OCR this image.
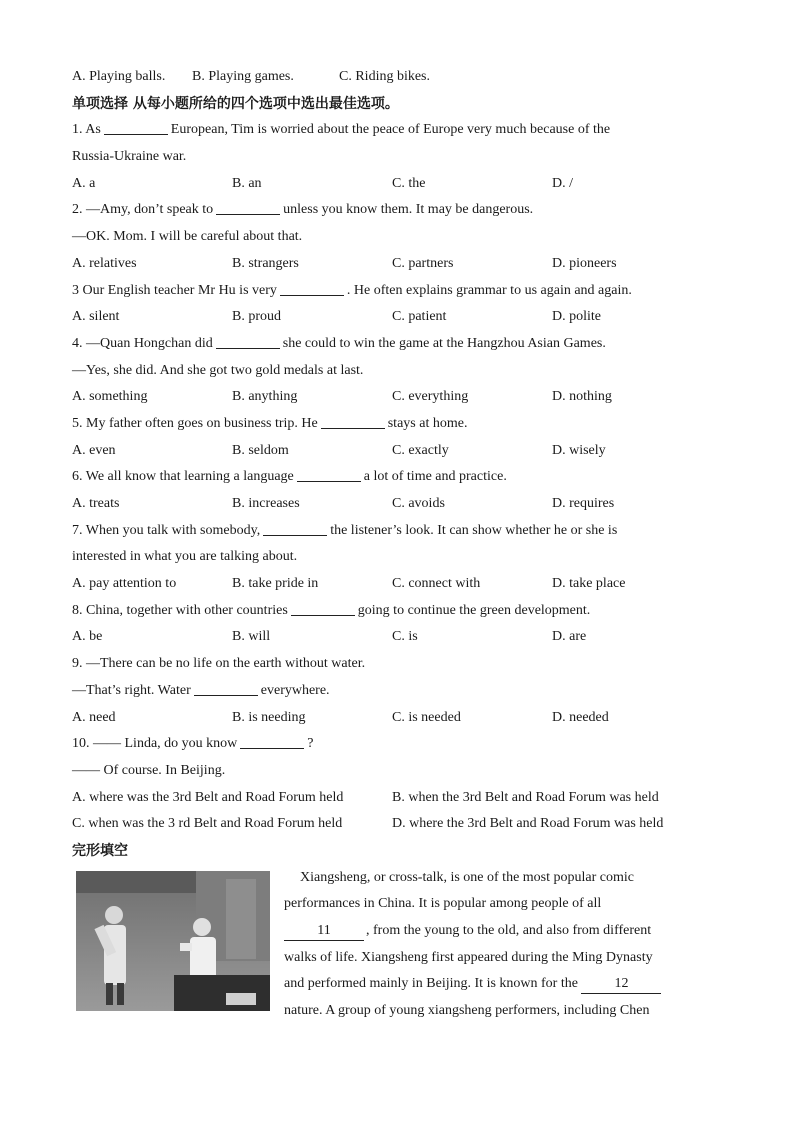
A. Playing balls.	B. Playing games.	C. Riding bikes.
单项选择 从每小题所给的四个选项中选出最佳选项。
1. As	European, Tim is worried about the peace of Europe very much because of the
Russia-Ukraine war.
A. a	B. an	C. the	D. /
2. —Amy, don’t speak to	unless you know them. It may be dangerous.
—OK. Mom. I will be careful about that.
A. relatives	B. strangers	C. partners	D. pioneers
3 Our English teacher Mr Hu is very	. He often explains grammar to us again and again.
A. silent	B. proud	C. patient	D. polite
4. —Quan Hongchan did	she could to win the game at the Hangzhou Asian Games.
—Yes, she did. And she got two gold medals at last.
A. something	B. anything	C. everything	D. nothing
5. My father often goes on business trip. He	stays at home.
A. even	B. seldom	C. exactly	D. wisely
6. We all know that learning a language	a lot of time and practice.
A. treats	B. increases	C. avoids	D. requires
7. When you talk with somebody,	the listener’s look. It can show whether he or she is
interested in what you are talking about.
A. pay attention to	B. take pride in	C. connect with	D. take place
8. China, together with other countries	going to continue the green development.
A. be	B. will	C. is	D. are
9. —There can be no life on the earth without water.
—That’s right. Water	everywhere.
A. need	B. is needing	C. is needed	D. needed
10. —— Linda, do you know	?
—— Of course. In Beijing.
A. where was the 3rd Belt and Road Forum held	B. when the 3rd Belt and Road Forum was held
C. when was the 3 rd Belt and Road Forum held	D. where the 3rd Belt and Road Forum was held
完形填空
Xiangsheng, or cross-talk, is one of the most popular comic
performances in China. It is popular among people of all
11	, from the young to the old, and also from different
walks of life. Xiangsheng first appeared during the Ming Dynasty
and performed mainly in Beijing. It is known for the	12
nature. A group of young xiangsheng performers, including Chen
